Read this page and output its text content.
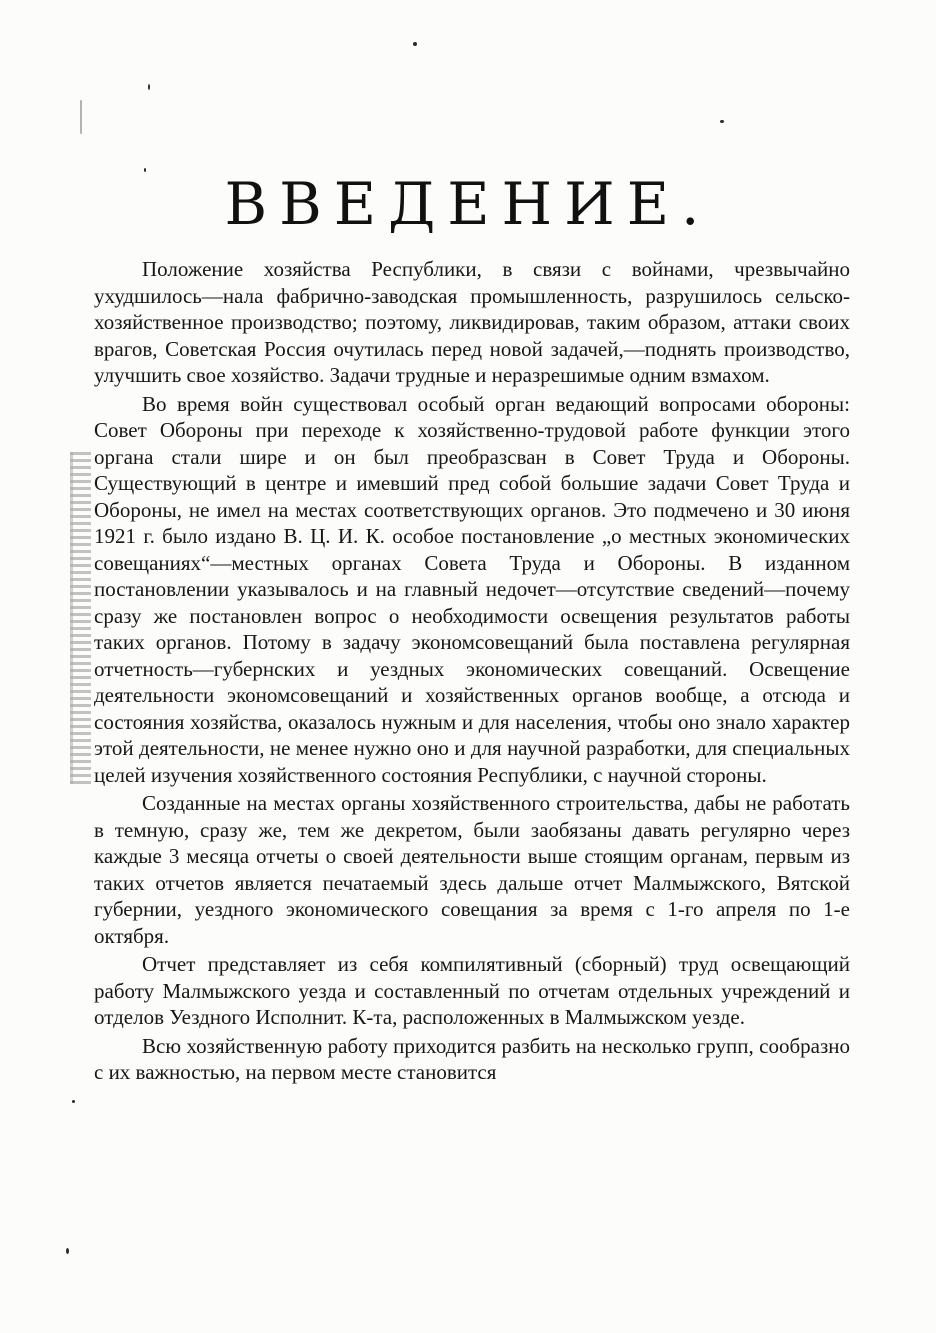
ВВЕДЕНИЕ.

Положение хозяйства Республики, в связи с войнами, чрезвычайно ухудшилось—нала фабрично-заводская промышленность, разрушилось сельско-хозяйственное производство; поэтому, ликвидировав, таким образом, аттаки своих врагов, Советская Россия очутилась перед новой задачей,—поднять производство, улучшить свое хозяйство. Задачи трудные и неразрешимые одним взмахом.

Во время войн существовал особый орган ведающий вопросами обороны: Совет Обороны при переходе к хозяйственно-трудовой работе функции этого органа стали шире и он был преобразсван в Совет Труда и Обороны. Существующий в центре и имевший пред собой большие задачи Совет Труда и Обороны, не имел на местах соответствующих органов. Это подмечено и 30 июня 1921 г. было издано В. Ц. И. К. особое постановление „о местных экономических совещаниях“—местных органах Совета Труда и Обороны. В изданном постановлении указывалось и на главный недочет—отсутствие сведений—почему сразу же постановлен вопрос о необходимости освещения результатов работы таких органов. Потому в задачу экономсовещаний была поставлена регулярная отчетность—губернских и уездных экономических совещаний. Освещение деятельности экономсовещаний и хозяйственных органов вообще, а отсюда и состояния хозяйства, оказалось нужным и для населения, чтобы оно знало характер этой деятельности, не менее нужно оно и для научной разработки, для специальных целей изучения хозяйственного состояния Республики, с научной стороны.

Созданные на местах органы хозяйственного строительства, дабы не работать в темную, сразу же, тем же декретом, были заобязаны давать регулярно через каждые 3 месяца отчеты о своей деятельности выше стоящим органам, первым из таких отчетов является печатаемый здесь дальше отчет Малмыжского, Вятской губернии, уездного экономического совещания за время с 1-го апреля по 1-е октября.

Отчет представляет из себя компилятивный (сборный) труд освещающий работу Малмыжского уезда и составленный по отчетам отдельных учреждений и отделов Уездного Исполнит. К-та, расположенных в Малмыжском уезде.

Всю хозяйственную работу приходится разбить на несколько групп, сообразно с их важностью, на первом месте становится
